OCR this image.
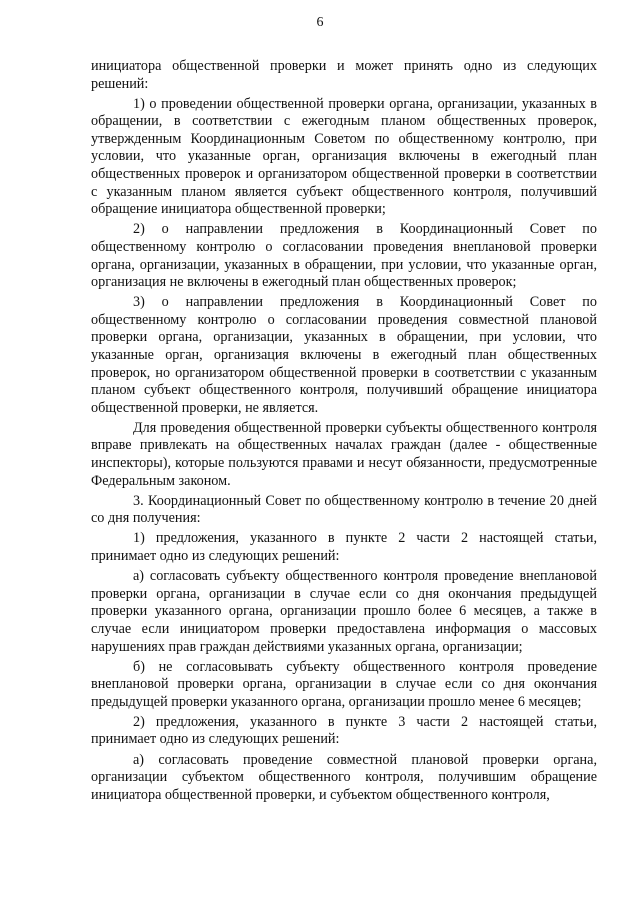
6

инициатора общественной проверки и может принять одно из следующих решений:

1) о проведении общественной проверки органа, организации, указанных в обращении, в соответствии с ежегодным планом общественных проверок, утвержденным Координационным Советом по общественному контролю, при условии, что указанные орган, организация включены в ежегодный план общественных проверок и организатором общественной проверки в соответствии с указанным планом является субъект общественного контроля, получивший обращение инициатора общественной проверки;

2) о направлении предложения в Координационный Совет по общественному контролю о согласовании проведения внеплановой проверки органа, организации, указанных в обращении, при условии, что указанные орган, организация не включены в ежегодный план общественных проверок;

3) о направлении предложения в Координационный Совет по общественному контролю о согласовании проведения совместной плановой проверки органа, организации, указанных в обращении, при условии, что указанные орган, организация включены в ежегодный план общественных проверок, но организатором общественной проверки в соответствии с указанным планом субъект общественного контроля, получивший обращение инициатора общественной проверки, не является.

Для проведения общественной проверки субъекты общественного контроля вправе привлекать на общественных началах граждан (далее - общественные инспекторы), которые пользуются правами и несут обязанности, предусмотренные Федеральным законом.

3. Координационный Совет по общественному контролю в течение 20 дней со дня получения:

1) предложения, указанного в пункте 2 части 2 настоящей статьи, принимает одно из следующих решений:

а) согласовать субъекту общественного контроля проведение внеплановой проверки органа, организации в случае если со дня окончания предыдущей проверки указанного органа, организации прошло более 6 месяцев, а также в случае если инициатором проверки предоставлена информация о массовых нарушениях прав граждан действиями указанных органа, организации;

б) не согласовывать субъекту общественного контроля проведение внеплановой проверки органа, организации в случае если со дня окончания предыдущей проверки указанного органа, организации прошло менее 6 месяцев;

2) предложения, указанного в пункте 3 части 2 настоящей статьи, принимает одно из следующих решений:

а) согласовать проведение совместной плановой проверки органа, организации субъектом общественного контроля, получившим обращение инициатора общественной проверки, и субъектом общественного контроля,
